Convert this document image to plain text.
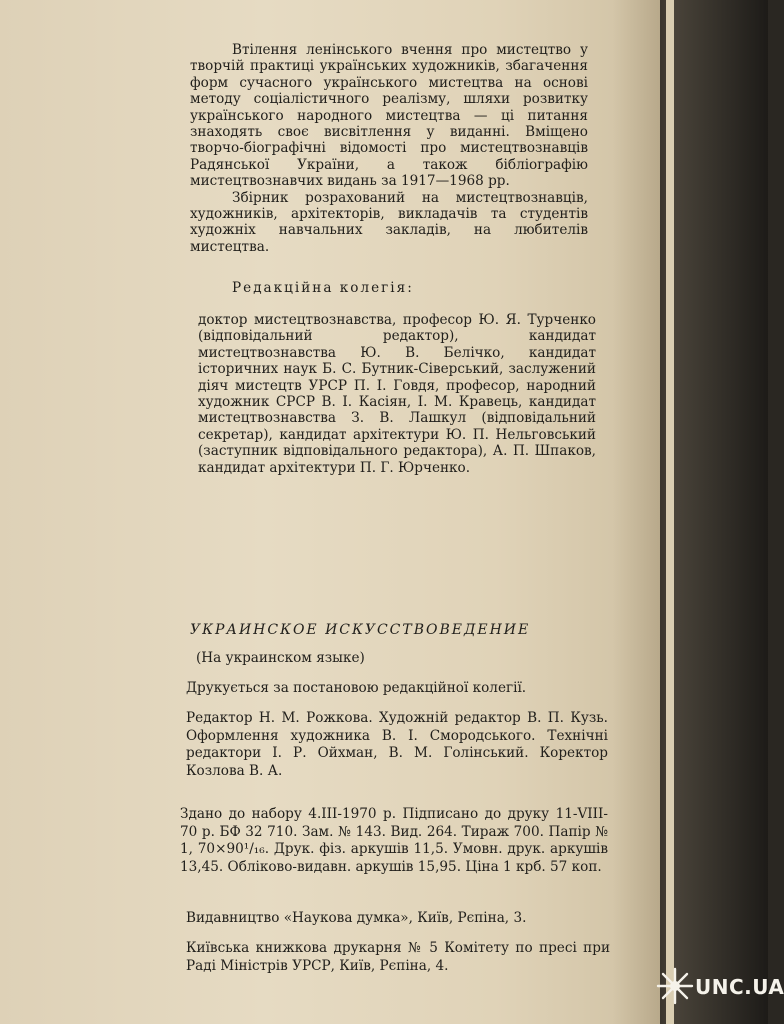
Втілення ленінського вчення про мистецтво у творчій практиці українських художників, збагачення форм сучасного українського мистецтва на основі методу соціалістичного реалізму, шляхи розвитку українського народного мистецтва — ці питання знаходять своє висвітлення у виданні. Вміщено творчо-біографічні відомості про мистецтвознавців Радянської України, а також бібліографію мистецтвознавчих видань за 1917—1968 рр.

Збірник розрахований на мистецтвознавців, художників, архітекторів, викладачів та студентів художніх навчальних закладів, на любителів мистецтва.

Редакційна колегія:
доктор мистецтвознавства, професор Ю. Я. Турченко (відповідальний редактор), кандидат мистецтвознавства Ю. В. Белічко, кандидат історичних наук Б. С. Бутник-Сіверський, заслужений діяч мистецтв УРСР П. І. Говдя, професор, народний художник СРСР В. І. Касіян, І. М. Кравець, кандидат мистецтвознавства З. В. Лашкул (відповідальний секретар), кандидат архітектури Ю. П. Нельговський (заступник відповідального редактора), А. П. Шпаков, кандидат архітектури П. Г. Юрченко.
УКРАИНСКОЕ ИСКУССТВОВЕДЕНИЕ
(На украинском языке)
Друкується за постановою редакційної колегії.
Редактор Н. М. Рожкова. Художній редактор В. П. Кузь. Оформлення художника В. І. Смородського. Технічні редактори І. Р. Ойхман, В. М. Голінський. Коректор Козлова В. А.
Здано до набору 4.III-1970 р. Підписано до друку 11-VIII-70 р. БФ 32 710. Зам. № 143. Вид. 264. Тираж 700. Папір № 1, 70×90¹/₁₆. Друк. фіз. аркушів 11,5. Умовн. друк. аркушів 13,45. Обліково-видавн. аркушів 15,95. Ціна 1 крб. 57 коп.
Видавництво «Наукова думка», Київ, Рєпіна, 3.
Київська книжкова друкарня № 5 Комітету по пресі при Раді Міністрів УРСР, Київ, Рєпіна, 4.
UNC.UA
